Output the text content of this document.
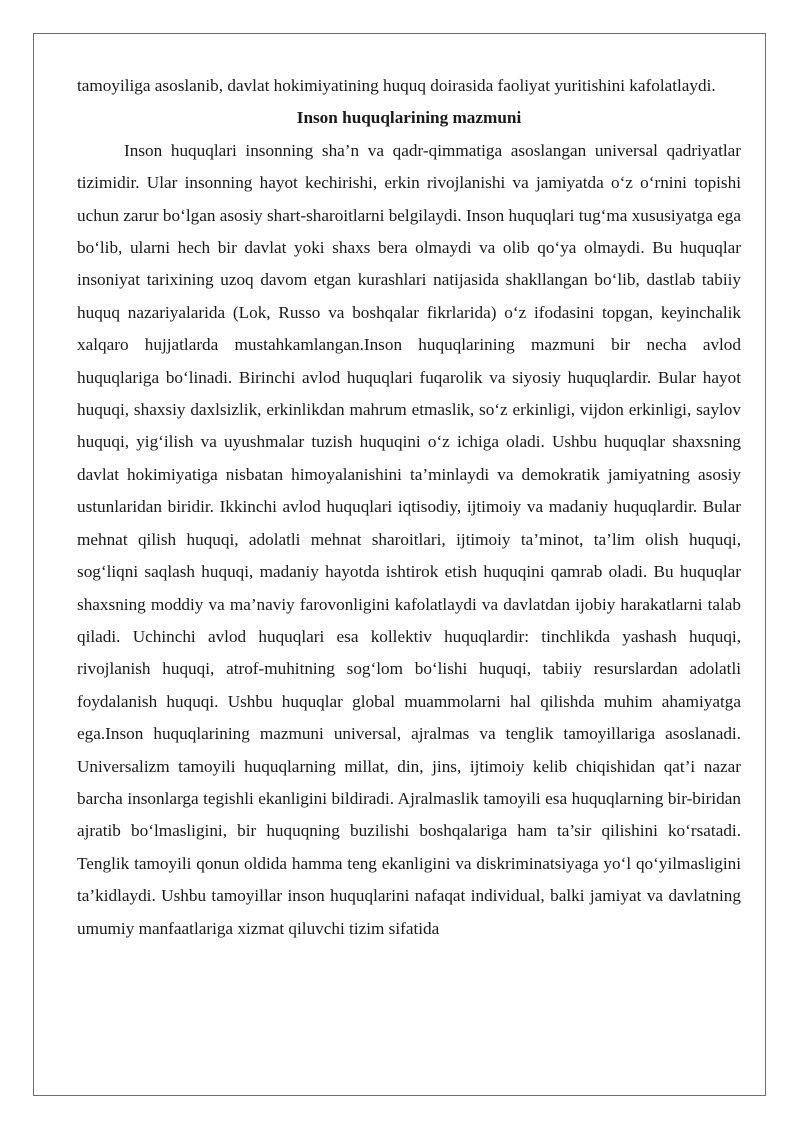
tamoyiliga asoslanib, davlat hokimiyatining huquq doirasida faoliyat yuritishini kafolatlaydi.

Inson huquqlarining mazmuni

Inson huquqlari insonning sha’n va qadr-qimmatiga asoslangan universal qadriyatlar tizimidir. Ular insonning hayot kechirishi, erkin rivojlanishi va jamiyatda o‘z o‘rnini topishi uchun zarur bo‘lgan asosiy shart-sharoitlarni belgilaydi. Inson huquqlari tug‘ma xususiyatga ega bo‘lib, ularni hech bir davlat yoki shaxs bera olmaydi va olib qo‘ya olmaydi. Bu huquqlar insoniyat tarixining uzoq davom etgan kurashlari natijasida shakllangan bo‘lib, dastlab tabiiy huquq nazariyalarida (Lok, Russo va boshqalar fikrlarida) o‘z ifodasini topgan, keyinchalik xalqaro hujjatlarda mustahkamlangan.Inson huquqlarining mazmuni bir necha avlod huquqlariga bo‘linadi. Birinchi avlod huquqlari fuqarolik va siyosiy huquqlardir. Bular hayot huquqi, shaxsiy daxlsizlik, erkinlikdan mahrum etmaslik, so‘z erkinligi, vijdon erkinligi, saylov huquqi, yig‘ilish va uyushmalar tuzish huquqini o‘z ichiga oladi. Ushbu huquqlar shaxsning davlat hokimiyatiga nisbatan himoyalanishini ta’minlaydi va demokratik jamiyatning asosiy ustunlaridan biridir. Ikkinchi avlod huquqlari iqtisodiy, ijtimoiy va madaniy huquqlardir. Bular mehnat qilish huquqi, adolatli mehnat sharoitlari, ijtimoiy ta’minot, ta’lim olish huquqi, sog‘liqni saqlash huquqi, madaniy hayotda ishtirok etish huquqini qamrab oladi. Bu huquqlar shaxsning moddiy va ma’naviy farovonligini kafolatlaydi va davlatdan ijobiy harakatlarni talab qiladi. Uchinchi avlod huquqlari esa kollektiv huquqlardir: tinchlikda yashash huquqi, rivojlanish huquqi, atrof-muhitning sog‘lom bo‘lishi huquqi, tabiiy resurslardan adolatli foydalanish huquqi. Ushbu huquqlar global muammolarni hal qilishda muhim ahamiyatga ega.Inson huquqlarining mazmuni universal, ajralmas va tenglik tamoyillariga asoslanadi. Universalizm tamoyili huquqlarning millat, din, jins, ijtimoiy kelib chiqishidan qat’i nazar barcha insonlarga tegishli ekanligini bildiradi. Ajralmaslik tamoyili esa huquqlarning bir-biridan ajratib bo‘lmasligini, bir huquqning buzilishi boshqalariga ham ta’sir qilishini ko‘rsatadi. Tenglik tamoyili qonun oldida hamma teng ekanligini va diskriminatsiyaga yo‘l qo‘yilmasligini ta’kidlaydi. Ushbu tamoyillar inson huquqlarini nafaqat individual, balki jamiyat va davlatning umumiy manfaatlariga xizmat qiluvchi tizim sifatida
